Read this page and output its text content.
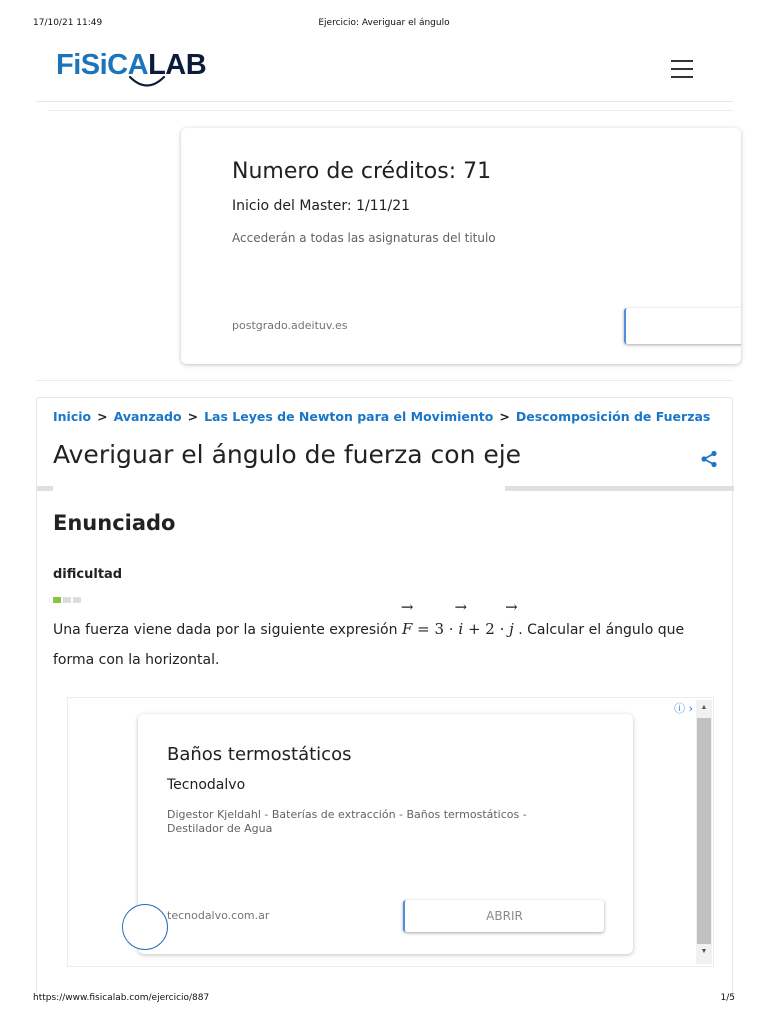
17/10/21 11:49	Ejercicio: Averiguar el ángulo
FiSiCALAB
Numero de créditos: 71
Inicio del Master: 1/11/21
Accederán a todas las asignaturas del titulo
postgrado.adeituv.es
Inicio > Avanzado > Las Leyes de Newton para el Movimiento > Descomposición de Fuerzas
Averiguar el ángulo de fuerza con eje
Enunciado
dificultad

Una fuerza viene dada por la siguiente expresión → F = 3 · → i + 2 · → j . Calcular el ángulo que forma con la horizontal.

Baños termostáticos
Tecnodalvo
Digestor Kjeldahl - Baterías de extracción - Baños termostáticos - Destilador de Agua
tecnodalvo.com.ar	ABRIR
ⓘ ›	▲
▼
https://www.fisicalab.com/ejercicio/887	1/5
